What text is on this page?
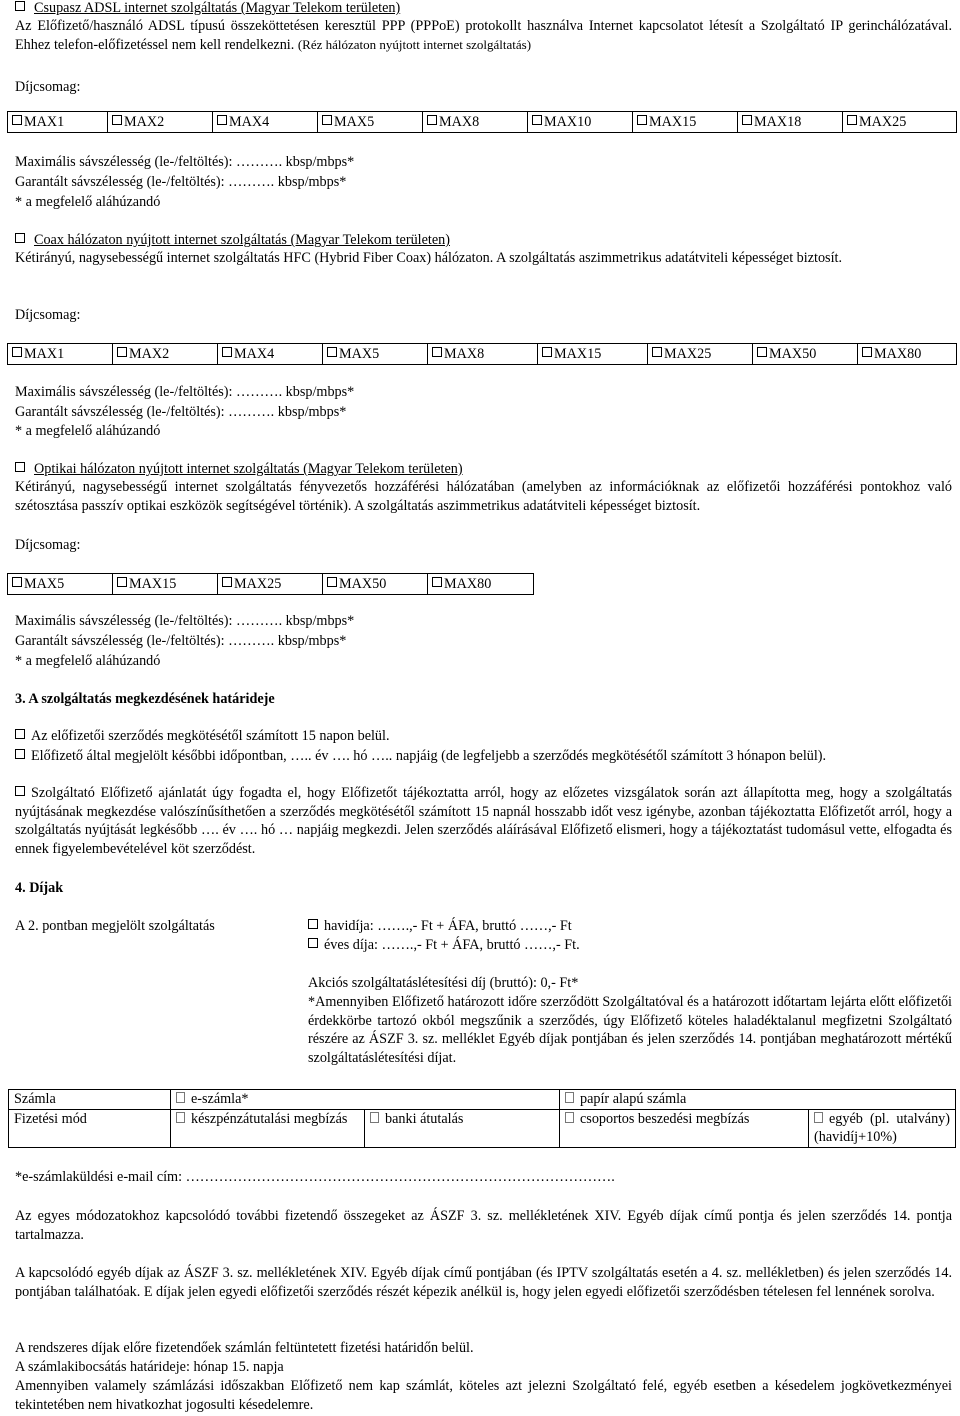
Csupasz ADSL internet szolgáltatás (Magyar Telekom területen)
Az Előfizető/használó ADSL típusú összeköttetésen keresztül PPP (PPPoE) protokollt használva Internet kapcsolatot létesít a Szolgáltató IP gerinchálózatával. Ehhez telefon-előfizetéssel nem kell rendelkezni. (Réz hálózaton nyújtott internet szolgáltatás)
Díjcsomag:
MAX1	MAX2	MAX4	MAX5	MAX8	MAX10	MAX15	MAX18	MAX25
Maximális sávszélesség (le-/feltöltés): ………. kbsp/mbps*
Garantált sávszélesség (le-/feltöltés): ………. kbsp/mbps*
* a megfelelő aláhúzandó
Coax hálózaton nyújtott internet szolgáltatás (Magyar Telekom területen)
Kétirányú, nagysebességű internet szolgáltatás HFC (Hybrid Fiber Coax) hálózaton. A szolgáltatás aszimmetrikus adatátviteli képességet biztosít.
Díjcsomag:
MAX1	MAX2	MAX4	MAX5	MAX8	MAX15	MAX25	MAX50	MAX80
Maximális sávszélesség (le-/feltöltés): ………. kbsp/mbps*
Garantált sávszélesség (le-/feltöltés): ………. kbsp/mbps*
* a megfelelő aláhúzandó
Optikai hálózaton nyújtott internet szolgáltatás (Magyar Telekom területen)
Kétirányú, nagysebességű internet szolgáltatás fényvezetős hozzáférési hálózatában (amelyben az információknak az előfizetői hozzáférési pontokhoz való szétosztása passzív optikai eszközök segítségével történik). A szolgáltatás aszimmetrikus adatátviteli képességet biztosít.
Díjcsomag:
MAX5	MAX15	MAX25	MAX50	MAX80
Maximális sávszélesség (le-/feltöltés): ………. kbsp/mbps*
Garantált sávszélesség (le-/feltöltés): ………. kbsp/mbps*
* a megfelelő aláhúzandó
3. A szolgáltatás megkezdésének határideje
Az előfizetői szerződés megkötésétől számított 15 napon belül.
Előfizető által megjelölt későbbi időpontban, ….. év …. hó ….. napjáig (de legfeljebb a szerződés megkötésétől számított 3 hónapon belül).
Szolgáltató Előfizető ajánlatát úgy fogadta el, hogy Előfizetőt tájékoztatta arról, hogy az előzetes vizsgálatok során azt állapította meg, hogy a szolgáltatás nyújtásának megkezdése valószínűsíthetően a szerződés megkötésétől számított 15 napnál hosszabb időt vesz igénybe, azonban tájékoztatta Előfizetőt arról, hogy a szolgáltatás nyújtását legkésőbb …. év …. hó … napjáig megkezdi. Jelen szerződés aláírásával Előfizető elismeri, hogy a tájékoztatást tudomásul vette, elfogadta és ennek figyelembevételével köt szerződést.
4. Díjak
A 2. pontban megjelölt szolgáltatás	havidíja: …….,- Ft + ÁFA, bruttó ……,- Ft
éves díja: …….,- Ft + ÁFA, bruttó ……,- Ft.
Akciós szolgáltatáslétesítési díj (bruttó): 0,- Ft*
*Amennyiben Előfizető határozott időre szerződött Szolgáltatóval és a határozott időtartam lejárta előtt előfizetői érdekkörbe tartozó okból megszűnik a szerződés, úgy Előfizető köteles haladéktalanul megfizetni Szolgáltató részére az ÁSZF 3. sz. melléklet Egyéb díjak pontjában és jelen szerződés 14. pontjában meghatározott mértékű szolgáltatáslétesítési díjat.
Számla	e-számla*		papír alapú számla	
Fizetési mód	készpénzátutalási megbízás	banki átutalás	csoportos beszedési megbízás	egyéb (pl. utalvány) (havidíj+10%)
*e-számlaküldési e-mail cím: ……………………………………………………………………………….
Az egyes módozatokhoz kapcsolódó további fizetendő összegeket az ÁSZF 3. sz. mellékletének XIV. Egyéb díjak című pontja és jelen szerződés 14. pontja tartalmazza.
A kapcsolódó egyéb díjak az ÁSZF 3. sz. mellékletének XIV. Egyéb díjak című pontjában (és IPTV szolgáltatás esetén a 4. sz. mellékletben) és jelen szerződés 14. pontjában találhatóak. E díjak jelen egyedi előfizetői szerződés részét képezik anélkül is, hogy jelen egyedi előfizetői szerződésben tételesen fel lennének sorolva.
A rendszeres díjak előre fizetendőek számlán feltüntetett fizetési határidőn belül.
A számlakibocsátás határideje: hónap 15. napja
Amennyiben valamely számlázási időszakban Előfizető nem kap számlát, köteles azt jelezni Szolgáltató felé, egyéb esetben a késedelem jogkövetkezményei tekintetében nem hivatkozhat jogosulti késedelemre.
